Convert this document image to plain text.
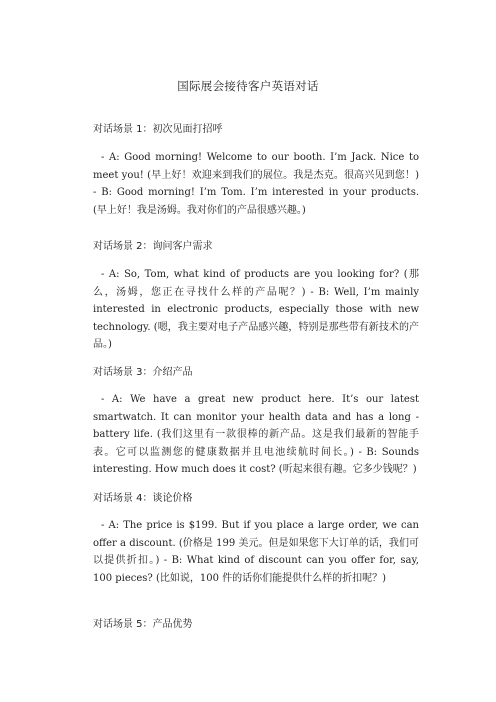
国际展会接待客户英语对话
对话场景 1：初次见面打招呼
- A: Good morning! Welcome to our booth. I’m Jack. Nice to meet you! (早上好！欢迎来到我们的展位。我是杰克。很高兴见到您！) - B: Good morning! I’m Tom. I’m interested in your products. (早上好！我是汤姆。我对你们的产品很感兴趣。)
对话场景 2：询问客户需求
- A: So, Tom, what kind of products are you looking for? (那么，汤姆，您正在寻找什么样的产品呢？) - B: Well, I’m mainly interested in electronic products, especially those with new technology. (嗯，我主要对电子产品感兴趣，特别是那些带有新技术的产品。)
对话场景 3：介绍产品
- A: We have a great new product here. It’s our latest smartwatch. It can monitor your health data and has a long - battery life. (我们这里有一款很棒的新产品。这是我们最新的智能手表。它可以监测您的健康数据并且电池续航时间长。) - B: Sounds interesting. How much does it cost? (听起来很有趣。它多少钱呢？)
对话场景 4：谈论价格
- A: The price is $199. But if you place a large order, we can offer a discount. (价格是 199 美元。但是如果您下大订单的话，我们可以提供折扣。) - B: What kind of discount can you offer for, say, 100 pieces? (比如说，100 件的话你们能提供什么样的折扣呢？)
对话场景 5：产品优势
